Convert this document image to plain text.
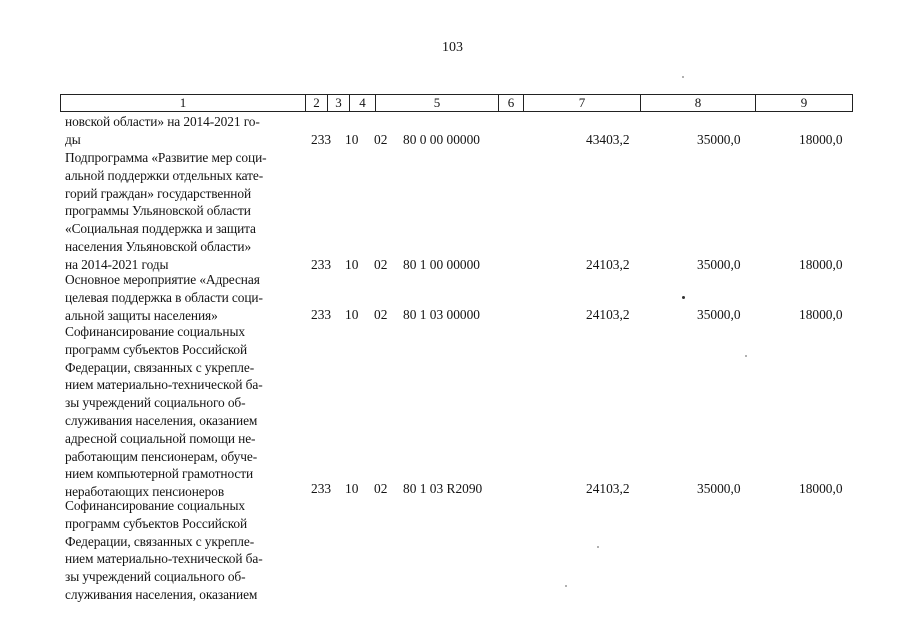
103
1	2	3	4	5	6	7	8	9
новской области» на 2014-2021 го-
ды	233 10 02 80 0 00 00000	43403,2	35000,0	18000,0
Подпрограмма «Развитие мер соци-
альной поддержки отдельных кате-
горий граждан» государственной
программы Ульяновской области
«Социальная поддержка и защита
населения Ульяновской области»
на 2014-2021 годы	233 10 02 80 1 00 00000	24103,2	35000,0	18000,0
Основное мероприятие «Адресная
целевая поддержка в области соци-
альной защиты населения»	233 10 02 80 1 03 00000	24103,2	35000,0	18000,0
Софинансирование социальных
программ субъектов Российской
Федерации, связанных с укрепле-
нием материально-технической ба-
зы учреждений социального об-
служивания населения, оказанием
адресной социальной помощи не-
работающим пенсионерам, обуче-
нием компьютерной грамотности
неработающих пенсионеров	233 10 02 80 1 03 R2090	24103,2	35000,0	18000,0
Софинансирование социальных
программ субъектов Российской
Федерации, связанных с укрепле-
нием материально-технической ба-
зы учреждений социального об-
служивания населения, оказанием
